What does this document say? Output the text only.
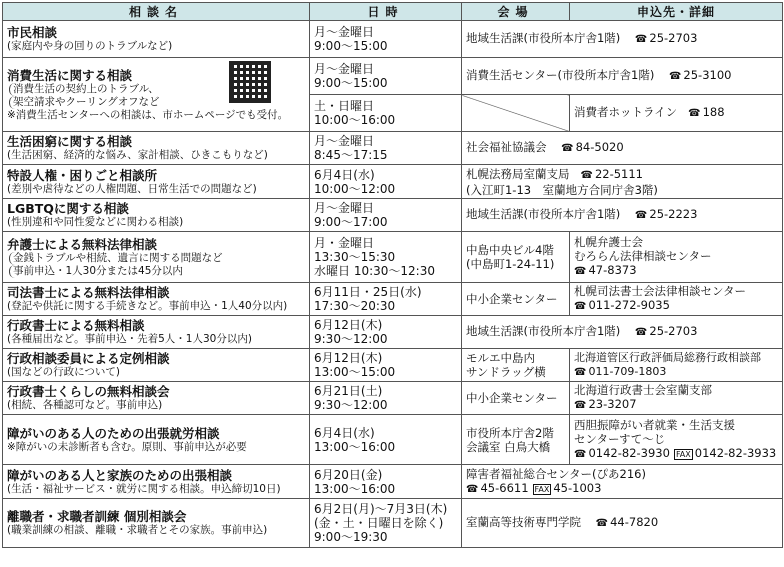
相談名	日時	会場	申込先・詳細

市民相談
(家庭内や身の回りのトラブルなど)	月〜金曜日
9:00〜15:00	地域生活課(市役所本庁舎1階) ☎ 25-2703

消費生活に関する相談
消費生活の契約上のトラブル、
架空請求やクーリングオフなど
※消費生活センターへの相談は、市ホームページでも受付。	月〜金曜日
9:00〜15:00	消費生活センター(市役所本庁舎1階) ☎ 25-3100

	土・日曜日
10:00〜16:00		消費者ホットライン ☎ 188

生活困窮に関する相談
(生活困窮、経済的な悩み、家計相談、ひきこもりなど)	月〜金曜日
8:45〜17:15	社会福祉協議会 ☎ 84-5020

特設人権・困りごと相談所
(差別や虐待などの人権問題、日常生活での問題など)	6月4日(水)
10:00〜12:00	札幌法務局室蘭支局 ☎ 22-5111
(入江町1-13　室蘭地方合同庁舎3階)

LGBTQに関する相談
(性別違和や同性愛などに関わる相談)	月〜金曜日
9:00〜17:00	地域生活課(市役所本庁舎1階) ☎ 25-2223

弁護士による無料法律相談
金銭トラブルや相続、遺言に関する問題など
事前申込・1人30分または45分以内	月・金曜日
13:30〜15:30
水曜日 10:30〜12:30	中島中央ビル4階
(中島町1-24-11)	札幌弁護士会
むろらん法律相談センター
☎ 47-8373

司法書士による無料法律相談
(登記や供託に関する手続きなど。事前申込・1人40分以内)	6月11日・25日(水)
17:30〜20:30	中小企業センター	札幌司法書士会法律相談センター
☎ 011-272-9035

行政書士による無料相談
(各種届出など。事前申込・先着5人・1人30分以内)	6月12日(木)
9:30〜12:00	地域生活課(市役所本庁舎1階) ☎ 25-2703

行政相談委員による定例相談
(国などの行政について)	6月12日(木)
13:00〜15:00	モルエ中島内
サンドラッグ横	北海道管区行政評価局総務行政相談部
☎ 011-709-1803

行政書士くらしの無料相談会
(相続、各種認可など。事前申込)	6月21日(土)
9:30〜12:00	中小企業センター	北海道行政書士会室蘭支部
☎ 23-3207

障がいのある人のための出張就労相談
※障がいの未診断者も含む。原則、事前申込が必要	6月4日(水)
13:00〜16:00	市役所本庁舎2階
会議室 白鳥大橋	西胆振障がい者就業・生活支援
センターすて〜じ
☎ 0142-82-3930 FAX 0142-82-3933

障がいのある人と家族のための出張相談
(生活・福祉サービス・就労に関する相談。申込締切10日)	6月20日(金)
13:00〜16:00	障害者福祉総合センター(ぴあ216)
☎ 45-6611 FAX 45-1003

離職者・求職者訓練 個別相談会
(職業訓練の相談、離職・求職者とその家族。事前申込)	6月2日(月)〜7月3日(木)
(金・土・日曜日を除く)
9:00〜19:30	室蘭高等技術専門学院 ☎ 44-7820
